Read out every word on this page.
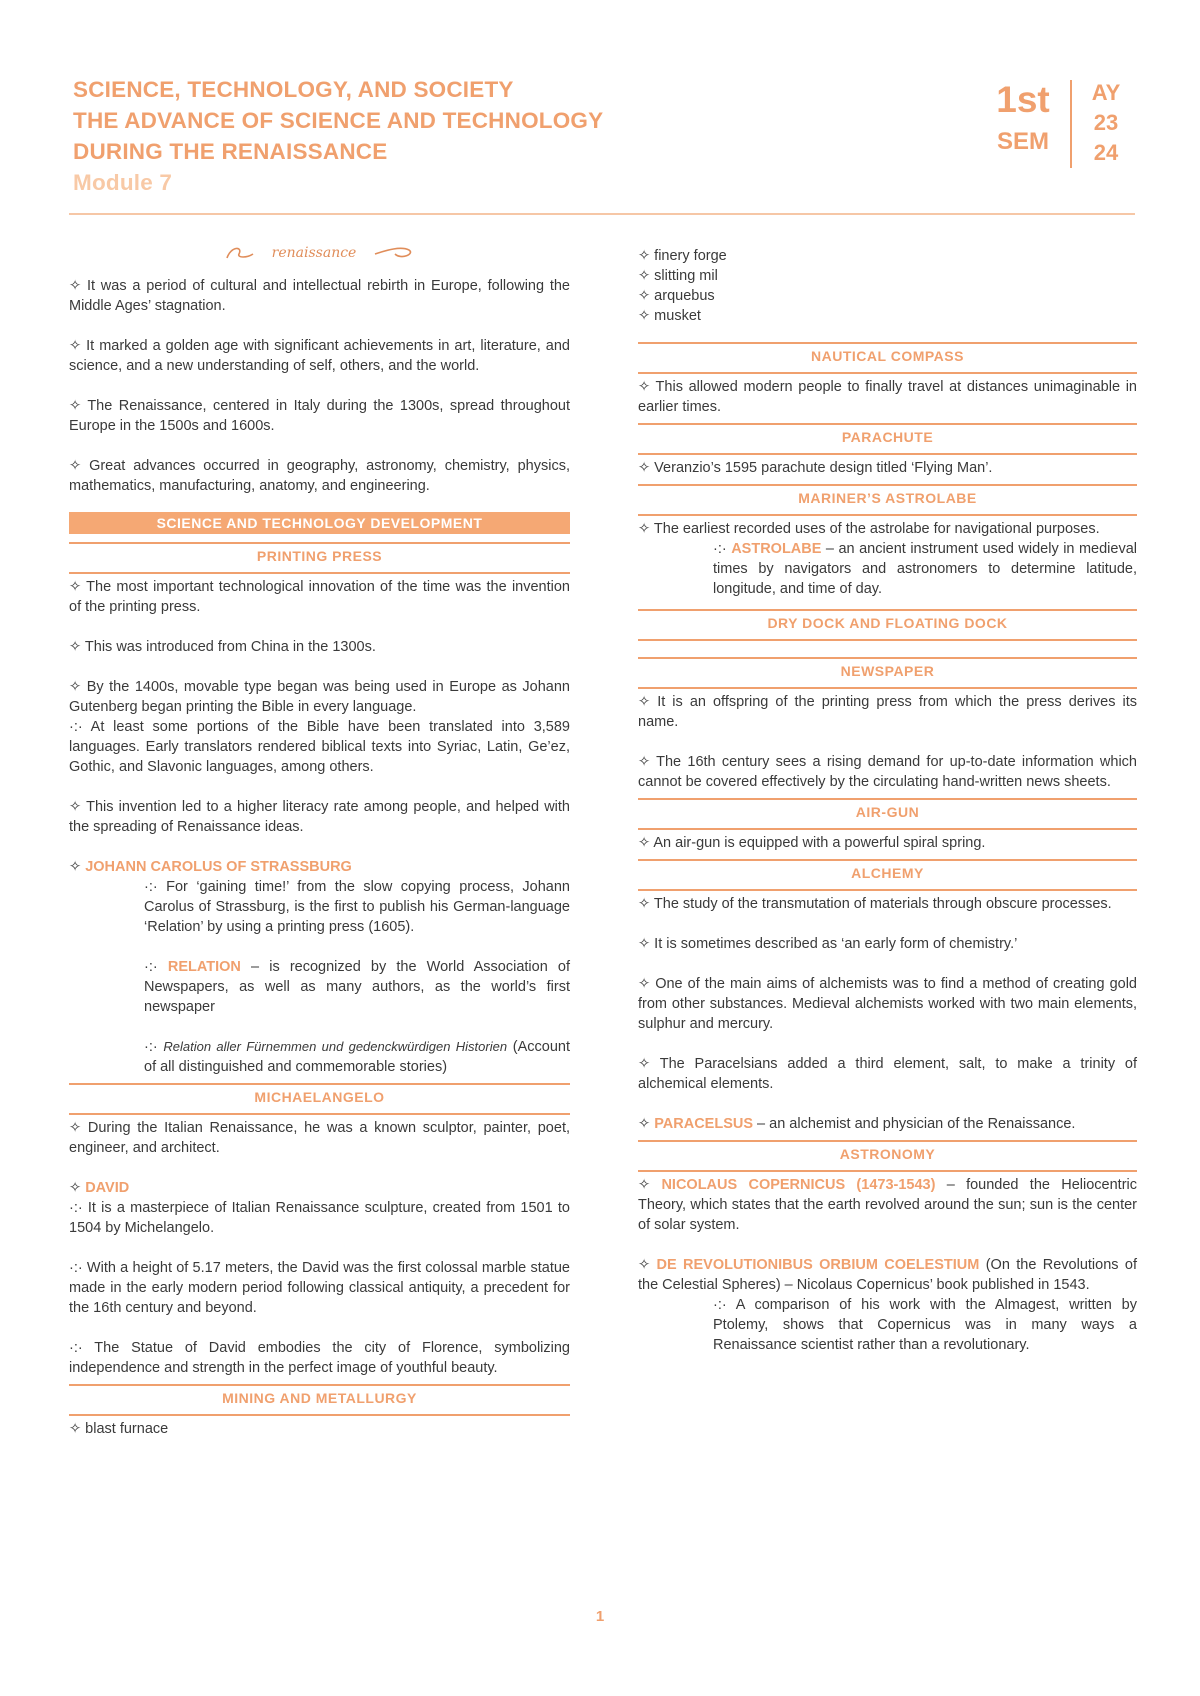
SCIENCE, TECHNOLOGY, AND SOCIETY
THE ADVANCE OF SCIENCE AND TECHNOLOGY
DURING THE RENAISSANCE
Module 7
1st
SEM
AY
23
24
renaissance

✧ It was a period of cultural and intellectual rebirth in Europe, following the Middle Ages’ stagnation.

✧ It marked a golden age with significant achievements in art, literature, and science, and a new understanding of self, others, and the world.

✧ The Renaissance, centered in Italy during the 1300s, spread throughout Europe in the 1500s and 1600s.

✧ Great advances occurred in geography, astronomy, chemistry, physics, mathematics, manufacturing, anatomy, and engineering.

SCIENCE AND TECHNOLOGY DEVELOPMENT
PRINTING PRESS

✧ The most important technological innovation of the time was the invention of the printing press.

✧ This was introduced from China in the 1300s.

✧ By the 1400s, movable type began was being used in Europe as Johann Gutenberg began printing the Bible in every language.

·:· At least some portions of the Bible have been translated into 3,589 languages. Early translators rendered biblical texts into Syriac, Latin, Ge’ez, Gothic, and Slavonic languages, among others.

✧ This invention led to a higher literacy rate among people, and helped with the spreading of Renaissance ideas.

✧ JOHANN CAROLUS OF STRASSBURG

·:· For ‘gaining time!’ from the slow copying process, Johann Carolus of Strassburg, is the first to publish his German-language ‘Relation’ by using a printing press (1605).

·:· RELATION – is recognized by the World Association of Newspapers, as well as many authors, as the world’s first newspaper

·:· Relation aller Fürnemmen und gedenckwürdigen Historien (Account of all distinguished and commemorable stories)

MICHAELANGELO

✧ During the Italian Renaissance, he was a known sculptor, painter, poet, engineer, and architect.

✧ DAVID

·:· It is a masterpiece of Italian Renaissance sculpture, created from 1501 to 1504 by Michelangelo.

·:· With a height of 5.17 meters, the David was the first colossal marble statue made in the early modern period following classical antiquity, a precedent for the 16th century and beyond.

·:· The Statue of David embodies the city of Florence, symbolizing independence and strength in the perfect image of youthful beauty.

MINING AND METALLURGY

✧ blast furnace

✧ finery forge

✧ slitting mil

✧ arquebus

✧ musket

NAUTICAL COMPASS

✧ This allowed modern people to finally travel at distances unimaginable in earlier times.

PARACHUTE

✧ Veranzio’s 1595 parachute design titled ‘Flying Man’.

MARINER’S ASTROLABE

✧ The earliest recorded uses of the astrolabe for navigational purposes.

·:· ASTROLABE – an ancient instrument used widely in medieval times by navigators and astronomers to determine latitude, longitude, and time of day.

DRY DOCK AND FLOATING DOCK
NEWSPAPER

✧ It is an offspring of the printing press from which the press derives its name.

✧ The 16th century sees a rising demand for up-to-date information which cannot be covered effectively by the circulating hand-written news sheets.

AIR-GUN

✧ An air-gun is equipped with a powerful spiral spring.

ALCHEMY

✧ The study of the transmutation of materials through obscure processes.

✧ It is sometimes described as ‘an early form of chemistry.’

✧ One of the main aims of alchemists was to find a method of creating gold from other substances. Medieval alchemists worked with two main elements, sulphur and mercury.

✧ The Paracelsians added a third element, salt, to make a trinity of alchemical elements.

✧ PARACELSUS – an alchemist and physician of the Renaissance.

ASTRONOMY

✧ NICOLAUS COPERNICUS (1473-1543) – founded the Heliocentric Theory, which states that the earth revolved around the sun; sun is the center of solar system.

✧ DE REVOLUTIONIBUS ORBIUM COELESTIUM (On the Revolutions of the Celestial Spheres) – Nicolaus Copernicus’ book published in 1543.

·:· A comparison of his work with the Almagest, written by Ptolemy, shows that Copernicus was in many ways a Renaissance scientist rather than a revolutionary.

1
